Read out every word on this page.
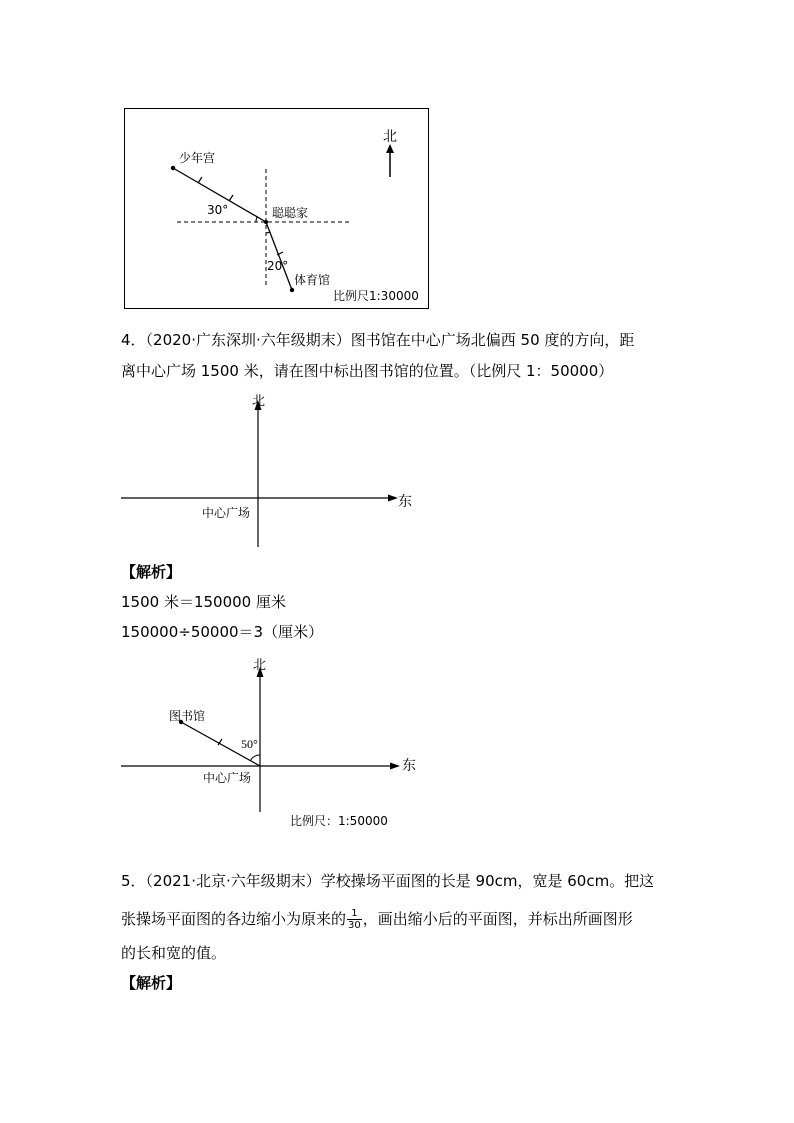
北
少年宫
聪聪家
30°
20°
体育馆
比例尺1:30000
4．（2020·广东深圳·六年级期末）图书馆在中心广场北偏西 50 度的方向，距
离中心广场 1500 米，请在图中标出图书馆的位置。（比例尺 1：50000）
北
东
中心广场
【解析】
1500 米＝150000 厘米
150000÷50000＝3（厘米）
北
东
图书馆
50°
中心广场
比例尺：1:50000
5．（2021·北京·六年级期末）学校操场平面图的长是 90cm，宽是 60cm。把这
张操场平面图的各边缩小为原来的 $\frac{1}{30}$ ，画出缩小后的平面图，并标出所画图形
的长和宽的值。
【解析】
